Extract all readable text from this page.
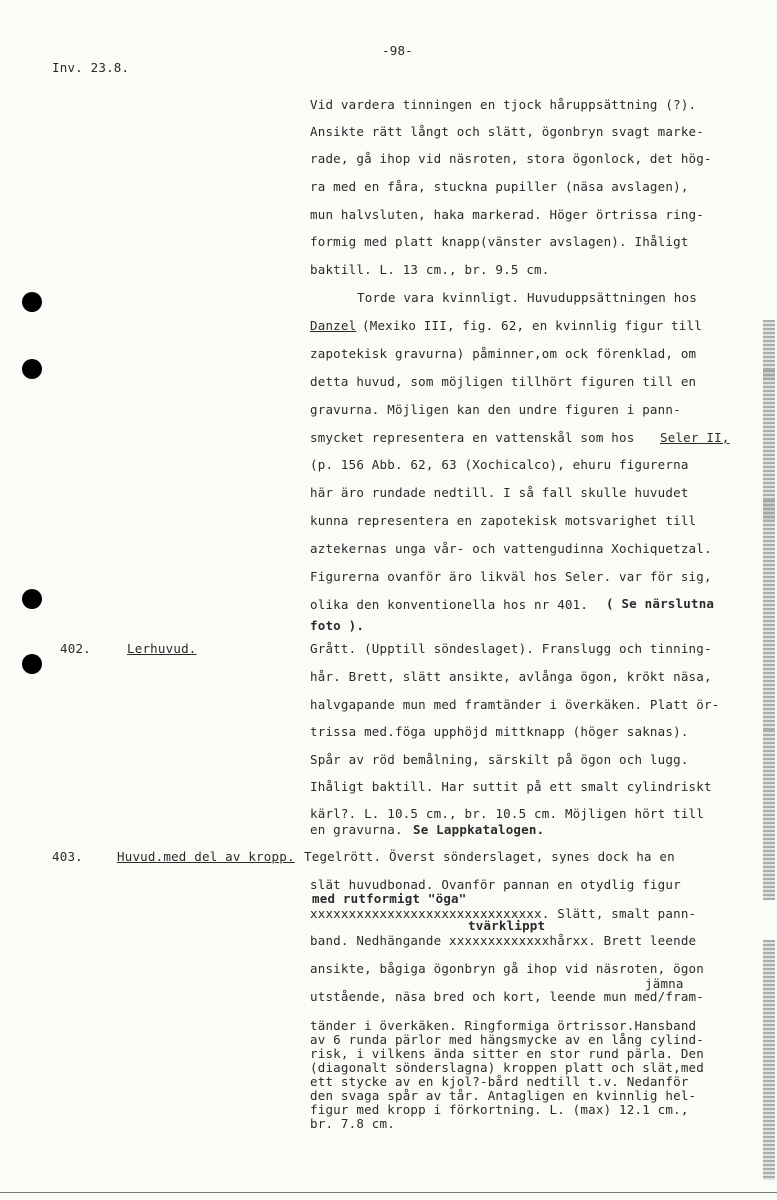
Inv. 23.8.
-98-
Vid vardera tinningen en tjock håruppsättning (?).
Ansikte rätt långt och slätt, ögonbryn svagt marke-
rade, gå ihop vid näsroten, stora ögonlock, det hög-
ra med en fåra, stuckna pupiller (näsa avslagen),
mun halvsluten, haka markerad. Höger örtrissa ring-
formig med platt knapp(vänster avslagen). Ihåligt
baktill. L. 13 cm., br. 9.5 cm.
Torde vara kvinnligt. Huvuduppsättningen hos
Danzel (Mexiko III, fig. 62, en kvinnlig figur till
zapotekisk gravurna) påminner,om ock förenklad, om
detta huvud, som möjligen tillhört figuren till en
gravurna. Möjligen kan den undre figuren i pann-
smycket representera en vattenskål som hos Seler II,
(p. 156 Abb. 62, 63 (Xochicalco), ehuru figurerna
här äro rundade nedtill. I så fall skulle huvudet
kunna representera en zapotekisk motsvarighet till
aztekernas unga vår- och vattengudinna Xochiquetzal.
Figurerna ovanför äro likväl hos Seler. var för sig,
olika den konventionella hos nr 401. ( Se närslutna
foto ).
402.	Lerhuvud.	Grått. (Upptill söndeslaget). Franslugg och tinning-
hår. Brett, slätt ansikte, avlånga ögon, krökt näsa,
halvgapande mun med framtänder i överkäken. Platt ör-
trissa med.föga upphöjd mittknapp (höger saknas).
Spår av röd bemålning, särskilt på ögon och lugg.
Ihåligt baktill. Har suttit på ett smalt cylindriskt
kärl?. L. 10.5 cm., br. 10.5 cm. Möjligen hört till
en gravurna. Se Lappkatalogen.
403.	Huvud.med del av kropp. Tegelrött. Överst sönderslaget, synes dock ha en
slät huvudbonad. Ovanför pannan en otydlig figur
med rutformigt "öga"
xxxxxxxxxxxxxxxxxxxxxxxxxxxxxx. Slätt, smalt pann-
tvärklippt
band. Nedhängande xxxxxxxxxxxxxhårxx. Brett leende
ansikte, bågiga ögonbryn gå ihop vid näsroten, ögon
jämna
utstående, näsa bred och kort, leende mun med/fram-
tänder i överkäken. Ringformiga örtrissor.Hansband
av 6 runda pärlor med hängsmycke av en lång cylind-
risk, i vilkens ända sitter en stor rund pärla. Den
(diagonalt sönderslagna) kroppen platt och slät,med
ett stycke av en kjol?-bård nedtill t.v. Nedanför
den svaga spår av tår. Antagligen en kvinnlig hel-
figur med kropp i förkortning. L. (max) 12.1 cm.,
br. 7.8 cm.
